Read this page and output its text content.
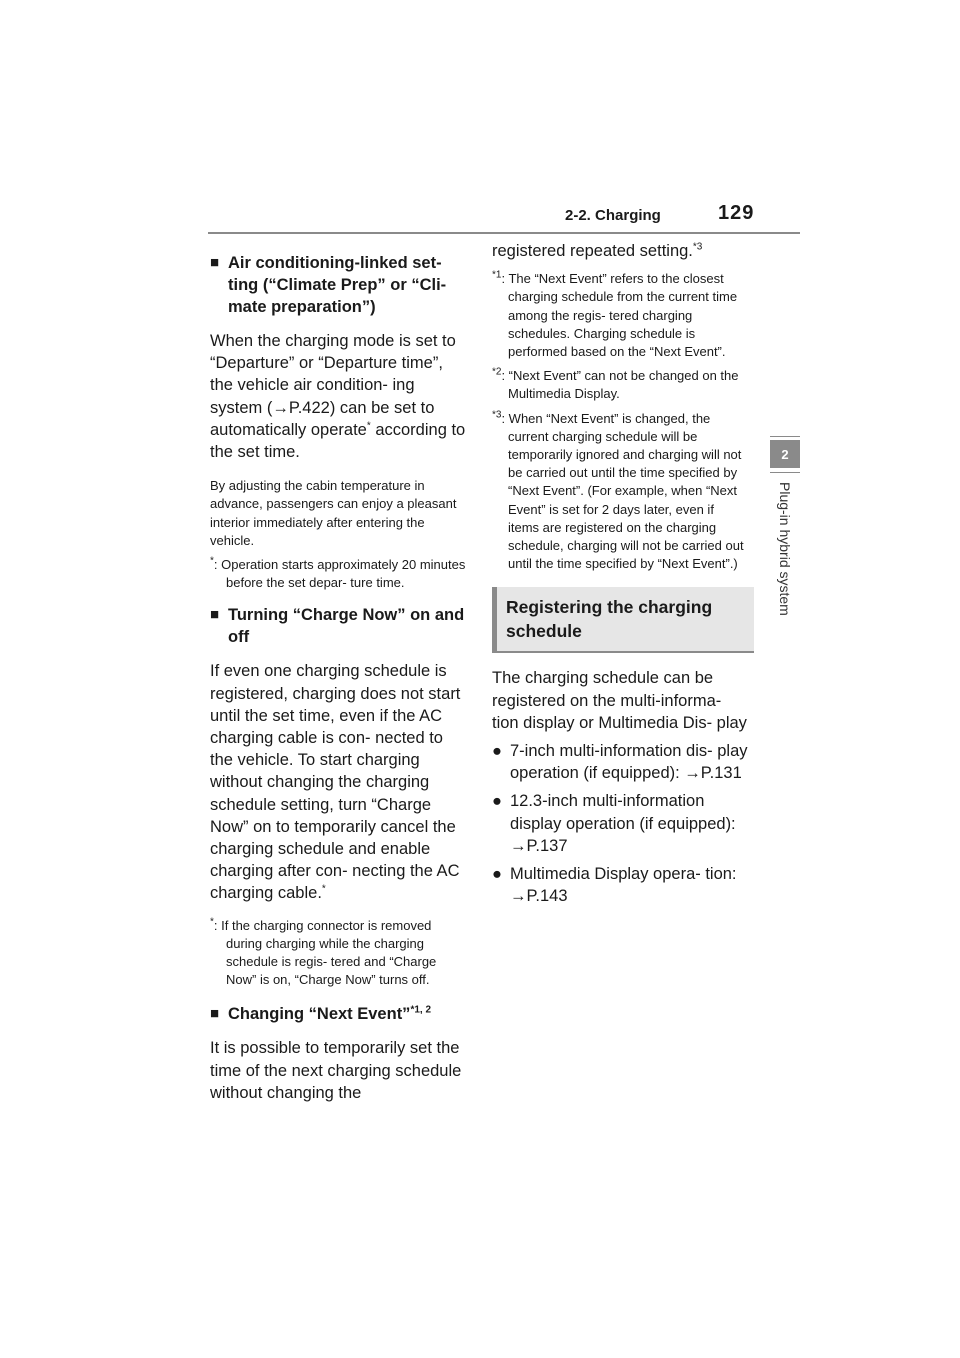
2-2. Charging	129
2
Plug-in hybrid system
■ Air conditioning-linked set- ting (“Climate Prep” or “Cli- mate preparation”)
When the charging mode is set to “Departure” or “Departure time”, the vehicle air condition- ing system (→P.422) can be set to automatically operate* according to the set time.
By adjusting the cabin temperature in advance, passengers can enjoy a pleasant interior immediately after entering the vehicle.
*: Operation starts approximately 20 minutes before the set depar- ture time.
■ Turning “Charge Now” on and off
If even one charging schedule is registered, charging does not start until the set time, even if the AC charging cable is con- nected to the vehicle. To start charging without changing the charging schedule setting, turn “Charge Now” on to temporarily cancel the charging schedule and enable charging after con- necting the AC charging cable.*
*: If the charging connector is removed during charging while the charging schedule is regis- tered and “Charge Now” is on, “Charge Now” turns off.
■ Changing “Next Event”$^{*1, 2}$
It is possible to temporarily set the time of the next charging schedule without changing the
registered repeated setting.$^{*3}$
$^{*1}$: The “Next Event” refers to the closest charging schedule from the current time among the regis- tered charging schedules. Charging schedule is performed based on the “Next Event”.
$^{*2}$: “Next Event” can not be changed on the Multimedia Display.
$^{*3}$: When “Next Event” is changed, the current charging schedule will be temporarily ignored and charging will not be carried out until the time specified by “Next Event”. (For example, when “Next Event” is set for 2 days later, even if items are registered on the charging schedule, charging will not be carried out until the time specified by “Next Event”.)
Registering the charging schedule
The charging schedule can be registered on the multi-informa- tion display or Multimedia Dis- play
● 7-inch multi-information dis- play operation (if equipped): →P.131
● 12.3-inch multi-information display operation (if equipped): →P.137
● Multimedia Display opera- tion: →P.143
